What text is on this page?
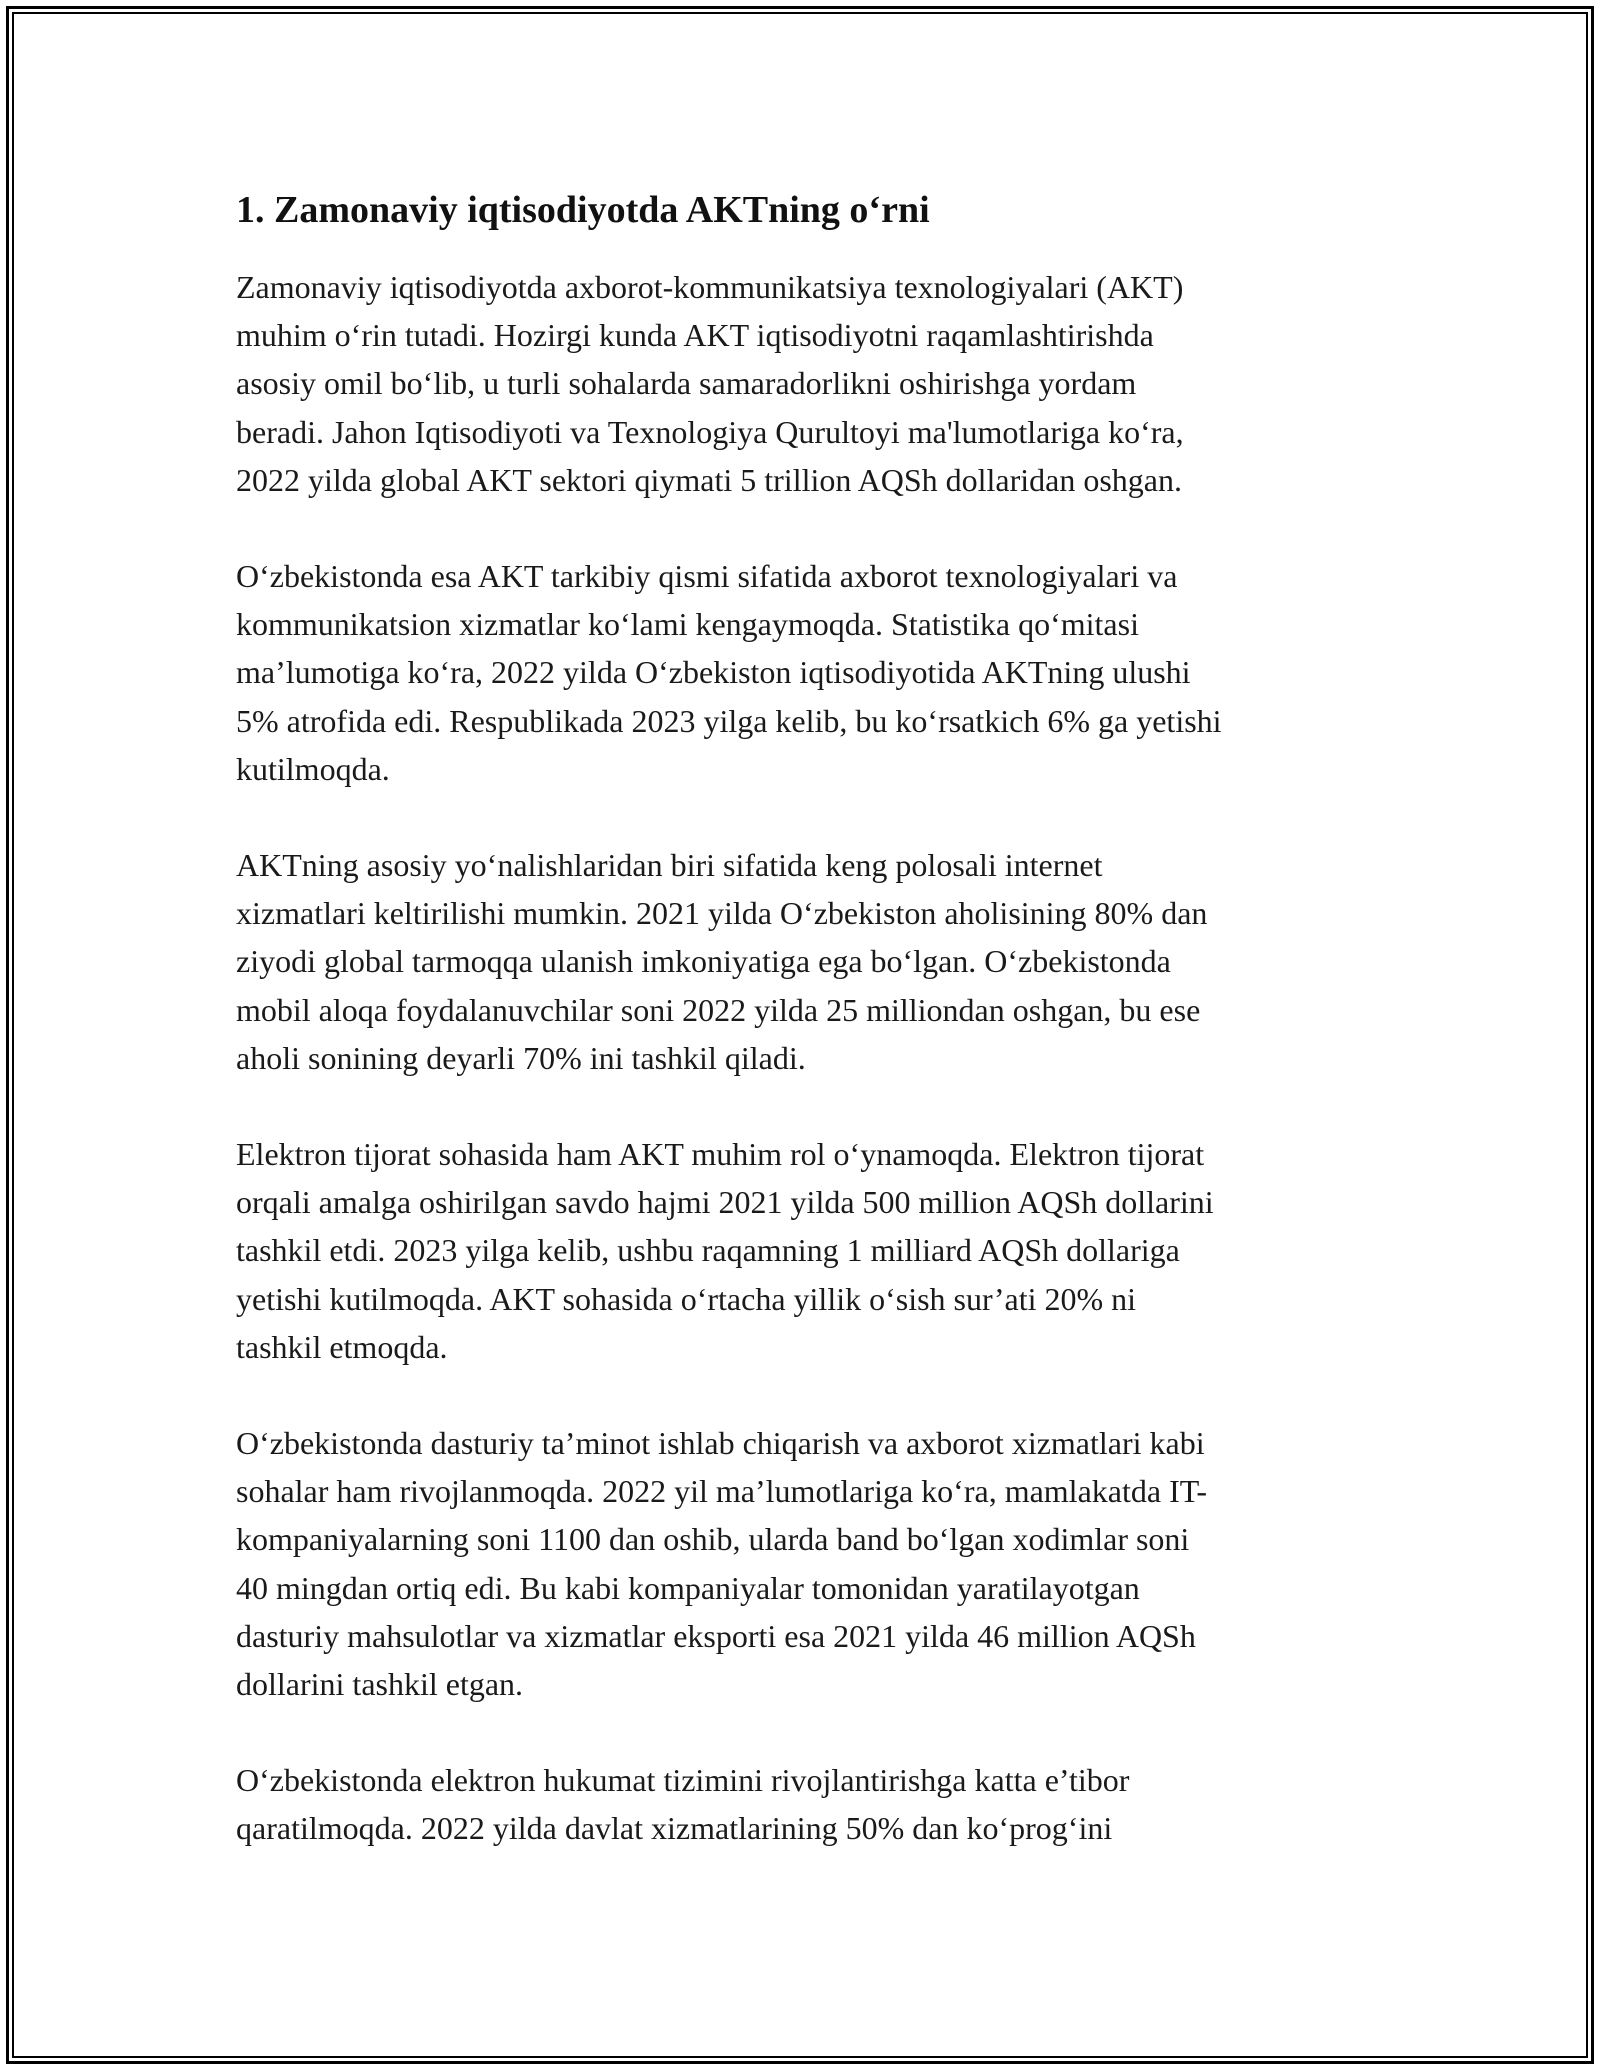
1. Zamonaviy iqtisodiyotda AKTning o‘rni

Zamonaviy iqtisodiyotda axborot-kommunikatsiya texnologiyalari (AKT)
muhim o‘rin tutadi. Hozirgi kunda AKT iqtisodiyotni raqamlashtirishda
asosiy omil bo‘lib, u turli sohalarda samaradorlikni oshirishga yordam
beradi. Jahon Iqtisodiyoti va Texnologiya Qurultoyi ma'lumotlariga ko‘ra,
2022 yilda global AKT sektori qiymati 5 trillion AQSh dollaridan oshgan.

O‘zbekistonda esa AKT tarkibiy qismi sifatida axborot texnologiyalari va
kommunikatsion xizmatlar ko‘lami kengaymoqda. Statistika qo‘mitasi
ma’lumotiga ko‘ra, 2022 yilda O‘zbekiston iqtisodiyotida AKTning ulushi
5% atrofida edi. Respublikada 2023 yilga kelib, bu ko‘rsatkich 6% ga yetishi
kutilmoqda.

AKTning asosiy yo‘nalishlaridan biri sifatida keng polosali internet
xizmatlari keltirilishi mumkin. 2021 yilda O‘zbekiston aholisining 80% dan
ziyodi global tarmoqqa ulanish imkoniyatiga ega bo‘lgan. O‘zbekistonda
mobil aloqa foydalanuvchilar soni 2022 yilda 25 milliondan oshgan, bu ese
aholi sonining deyarli 70% ini tashkil qiladi.

Elektron tijorat sohasida ham AKT muhim rol o‘ynamoqda. Elektron tijorat
orqali amalga oshirilgan savdo hajmi 2021 yilda 500 million AQSh dollarini
tashkil etdi. 2023 yilga kelib, ushbu raqamning 1 milliard AQSh dollariga
yetishi kutilmoqda. AKT sohasida o‘rtacha yillik o‘sish sur’ati 20% ni
tashkil etmoqda.

O‘zbekistonda dasturiy ta’minot ishlab chiqarish va axborot xizmatlari kabi
sohalar ham rivojlanmoqda. 2022 yil ma’lumotlariga ko‘ra, mamlakatda IT-
kompaniyalarning soni 1100 dan oshib, ularda band bo‘lgan xodimlar soni
40 mingdan ortiq edi. Bu kabi kompaniyalar tomonidan yaratilayotgan
dasturiy mahsulotlar va xizmatlar eksporti esa 2021 yilda 46 million AQSh
dollarini tashkil etgan.

O‘zbekistonda elektron hukumat tizimini rivojlantirishga katta e’tibor
qaratilmoqda. 2022 yilda davlat xizmatlarining 50% dan ko‘prog‘ini
